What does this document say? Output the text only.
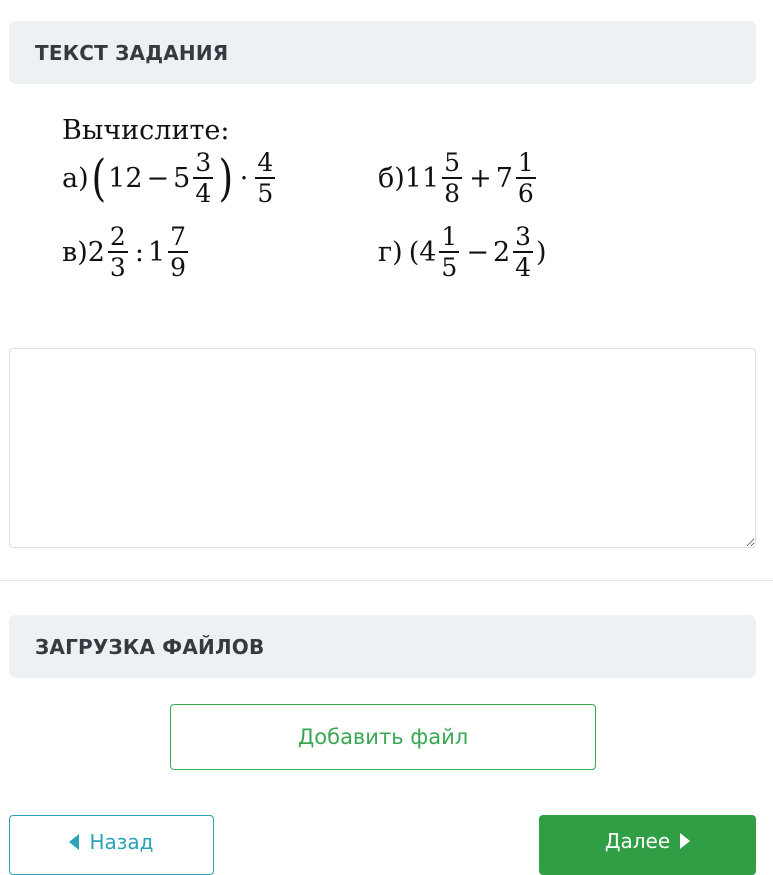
ТЕКСТ ЗАДАНИЯ
Вычислите:
а) ( $12 - 5 \frac{3}{4}$ ) · $\frac{4}{5}$	б) $11 \frac{5}{8} + 7 \frac{1}{6}$
в) $2 \frac{2}{3}$ : $1 \frac{7}{9}$	г) ( $4 \frac{1}{5} - 2 \frac{3}{4}$ )
ЗАГРУЗКА ФАЙЛОВ
Добавить файл
Назад	Далее
